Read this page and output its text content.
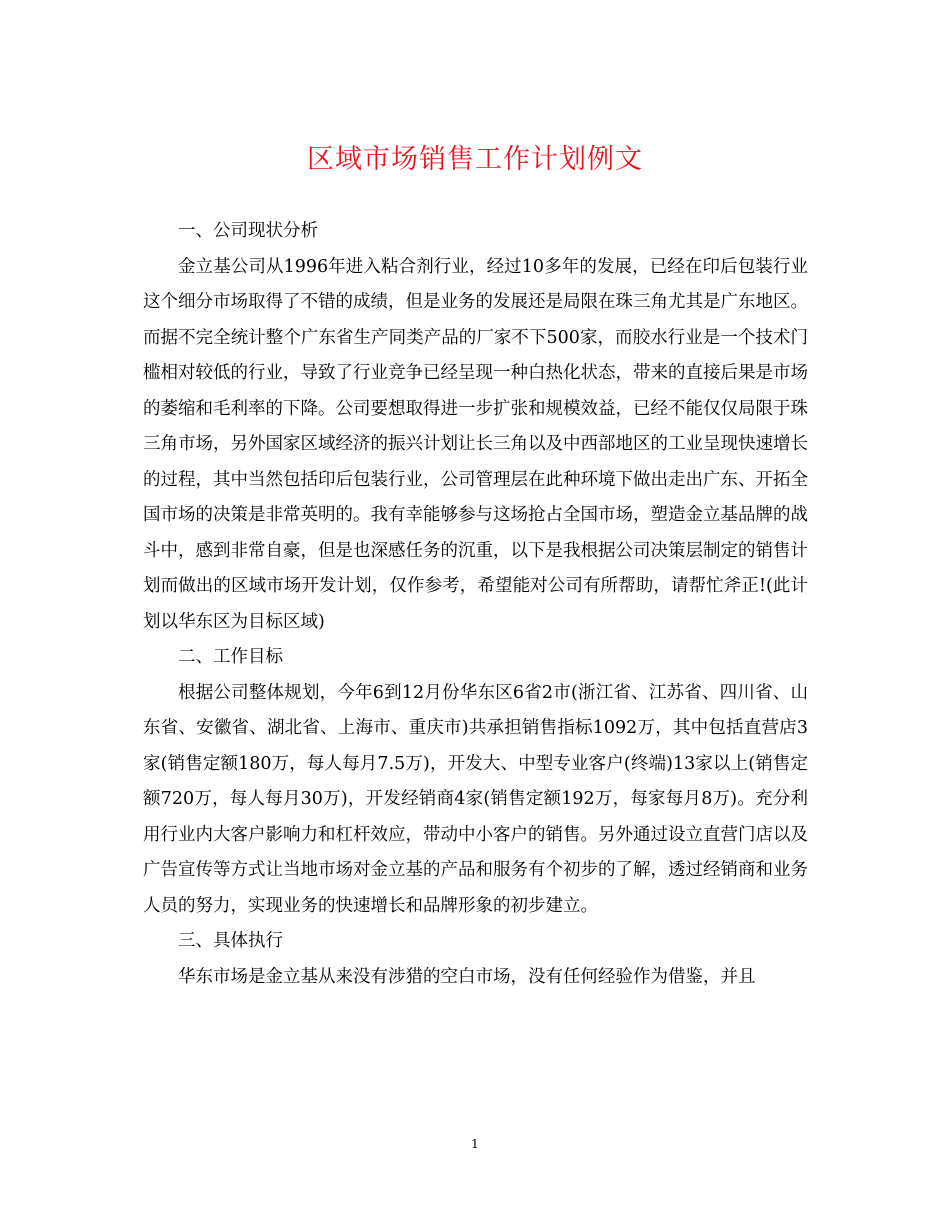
区域市场销售工作计划例文

一、公司现状分析

金立基公司从1996年进入粘合剂行业，经过10多年的发展，已经在印后包装行业这个细分市场取得了不错的成绩，但是业务的发展还是局限在珠三角尤其是广东地区。而据不完全统计整个广东省生产同类产品的厂家不下500家，而胶水行业是一个技术门槛相对较低的行业，导致了行业竞争已经呈现一种白热化状态，带来的直接后果是市场的萎缩和毛利率的下降。公司要想取得进一步扩张和规模效益，已经不能仅仅局限于珠三角市场，另外国家区域经济的振兴计划让长三角以及中西部地区的工业呈现快速增长的过程，其中当然包括印后包装行业，公司管理层在此种环境下做出走出广东、开拓全国市场的决策是非常英明的。我有幸能够参与这场抢占全国市场，塑造金立基品牌的战斗中，感到非常自豪，但是也深感任务的沉重，以下是我根据公司决策层制定的销售计划而做出的区域市场开发计划，仅作参考，希望能对公司有所帮助，请帮忙斧正!(此计划以华东区为目标区域)

二、工作目标

根据公司整体规划，今年6到12月份华东区6省2市(浙江省、江苏省、四川省、山东省、安徽省、湖北省、上海市、重庆市)共承担销售指标1092万，其中包括直营店3家(销售定额180万，每人每月7.5万)，开发大、中型专业客户(终端)13家以上(销售定额720万，每人每月30万)，开发经销商4家(销售定额192万，每家每月8万)。充分利用行业内大客户影响力和杠杆效应，带动中小客户的销售。另外通过设立直营门店以及广告宣传等方式让当地市场对金立基的产品和服务有个初步的了解，透过经销商和业务人员的努力，实现业务的快速增长和品牌形象的初步建立。

三、具体执行

华东市场是金立基从来没有涉猎的空白市场，没有任何经验作为借鉴，并且

1
